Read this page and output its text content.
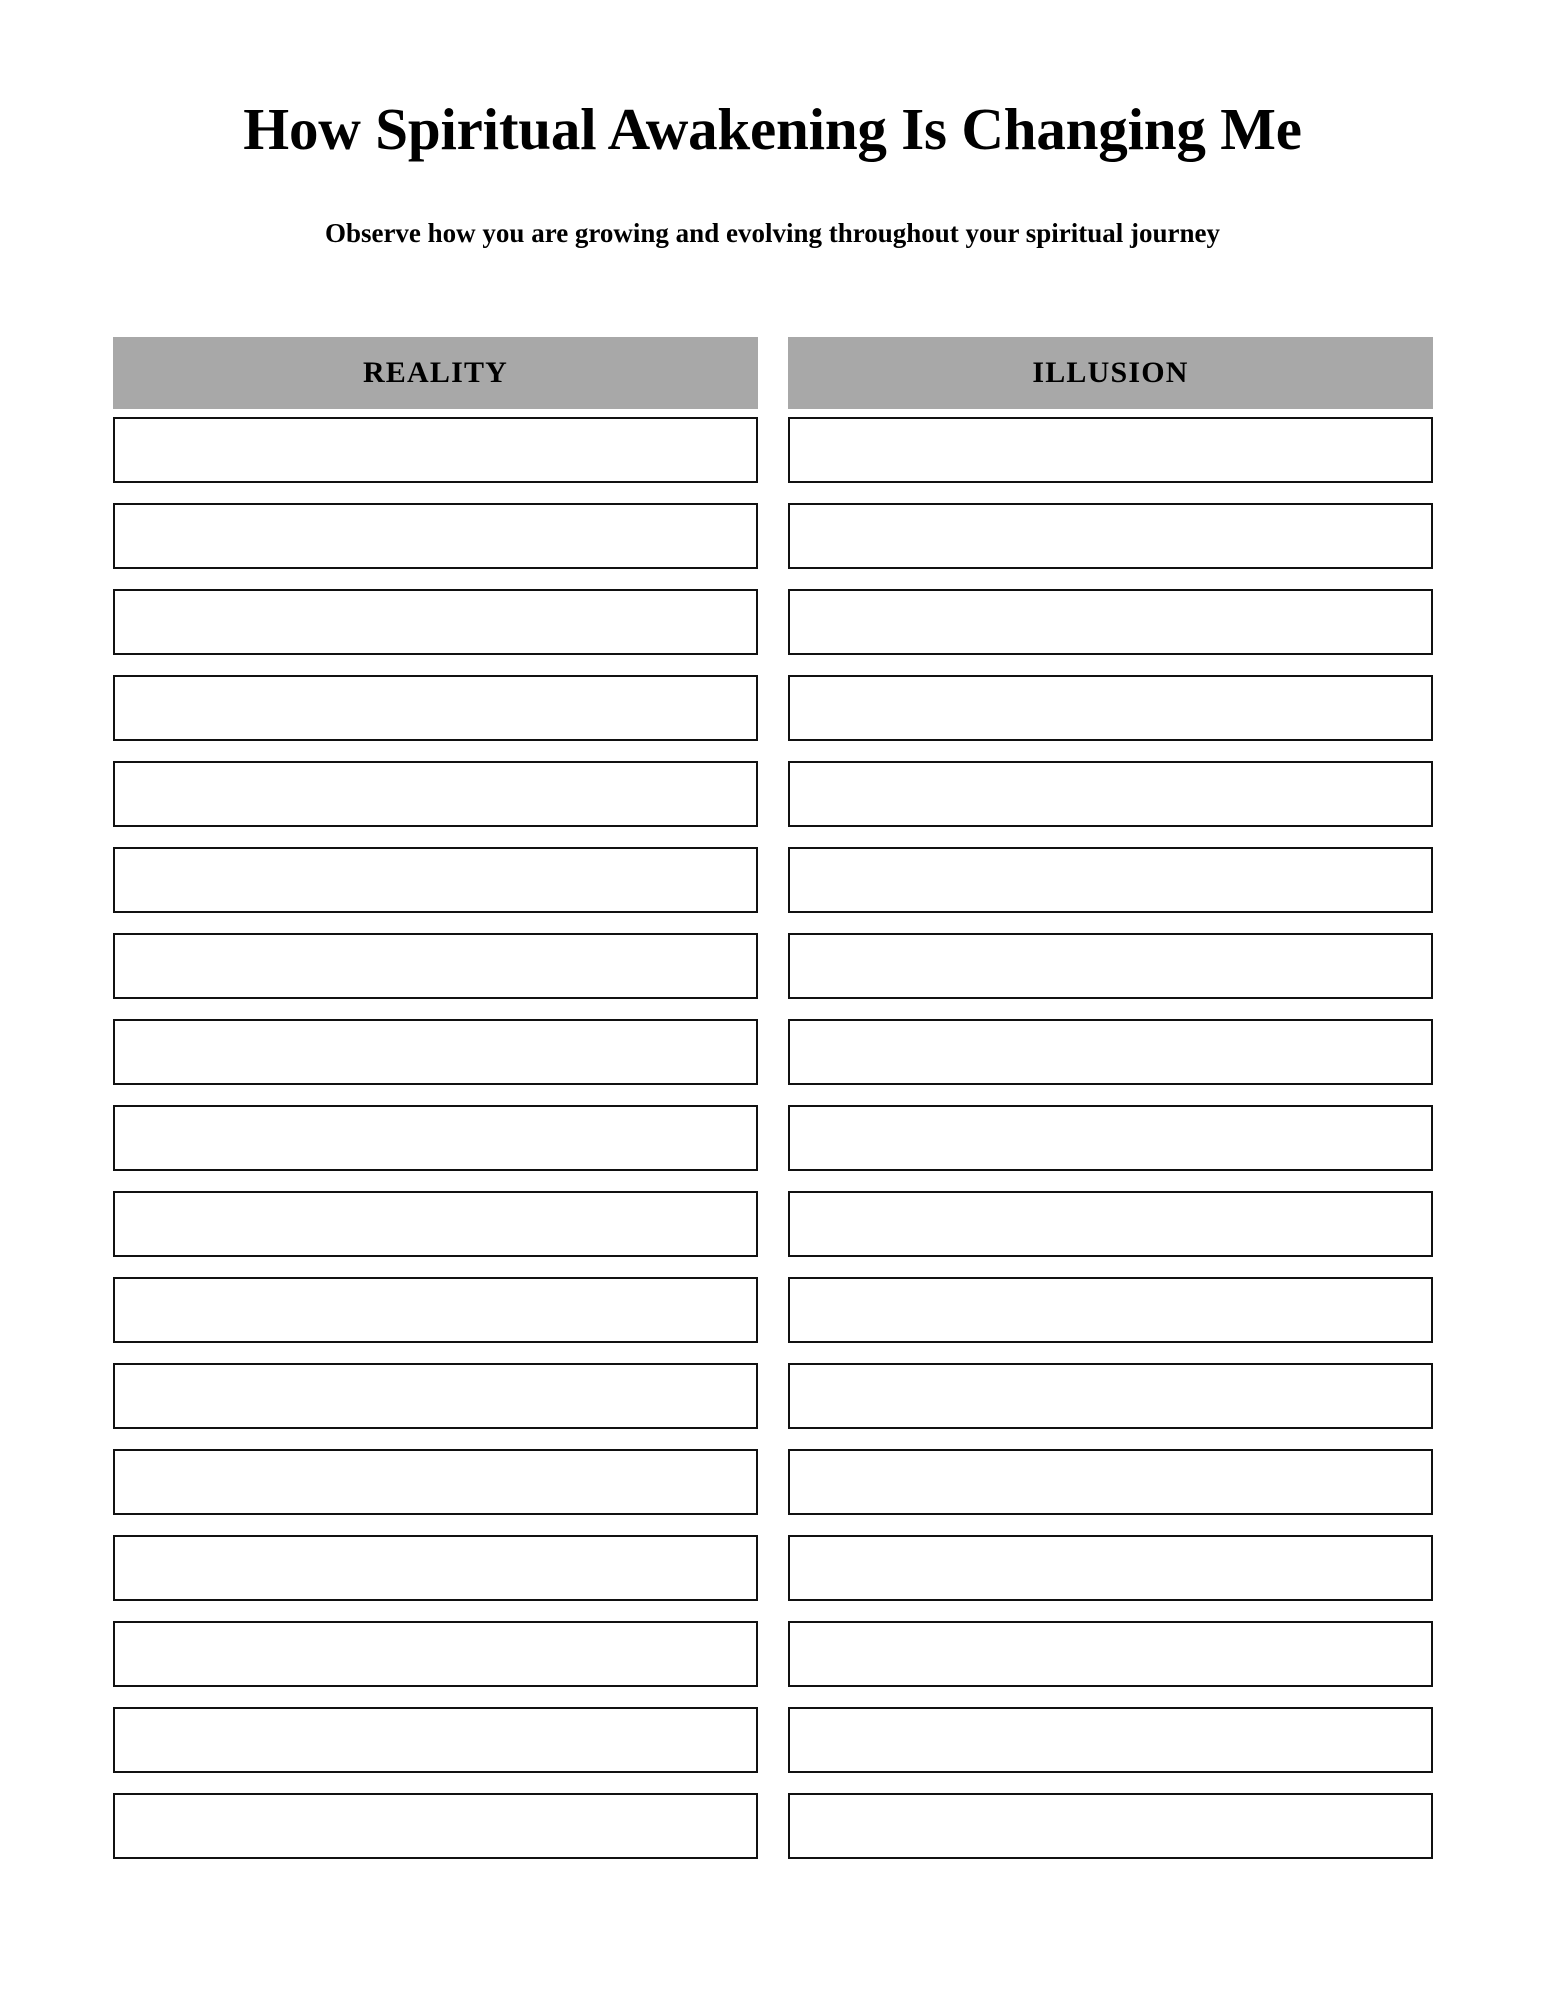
How Spiritual Awakening Is Changing Me
Observe how you are growing and evolving throughout your spiritual journey
REALITY	ILLUSION
